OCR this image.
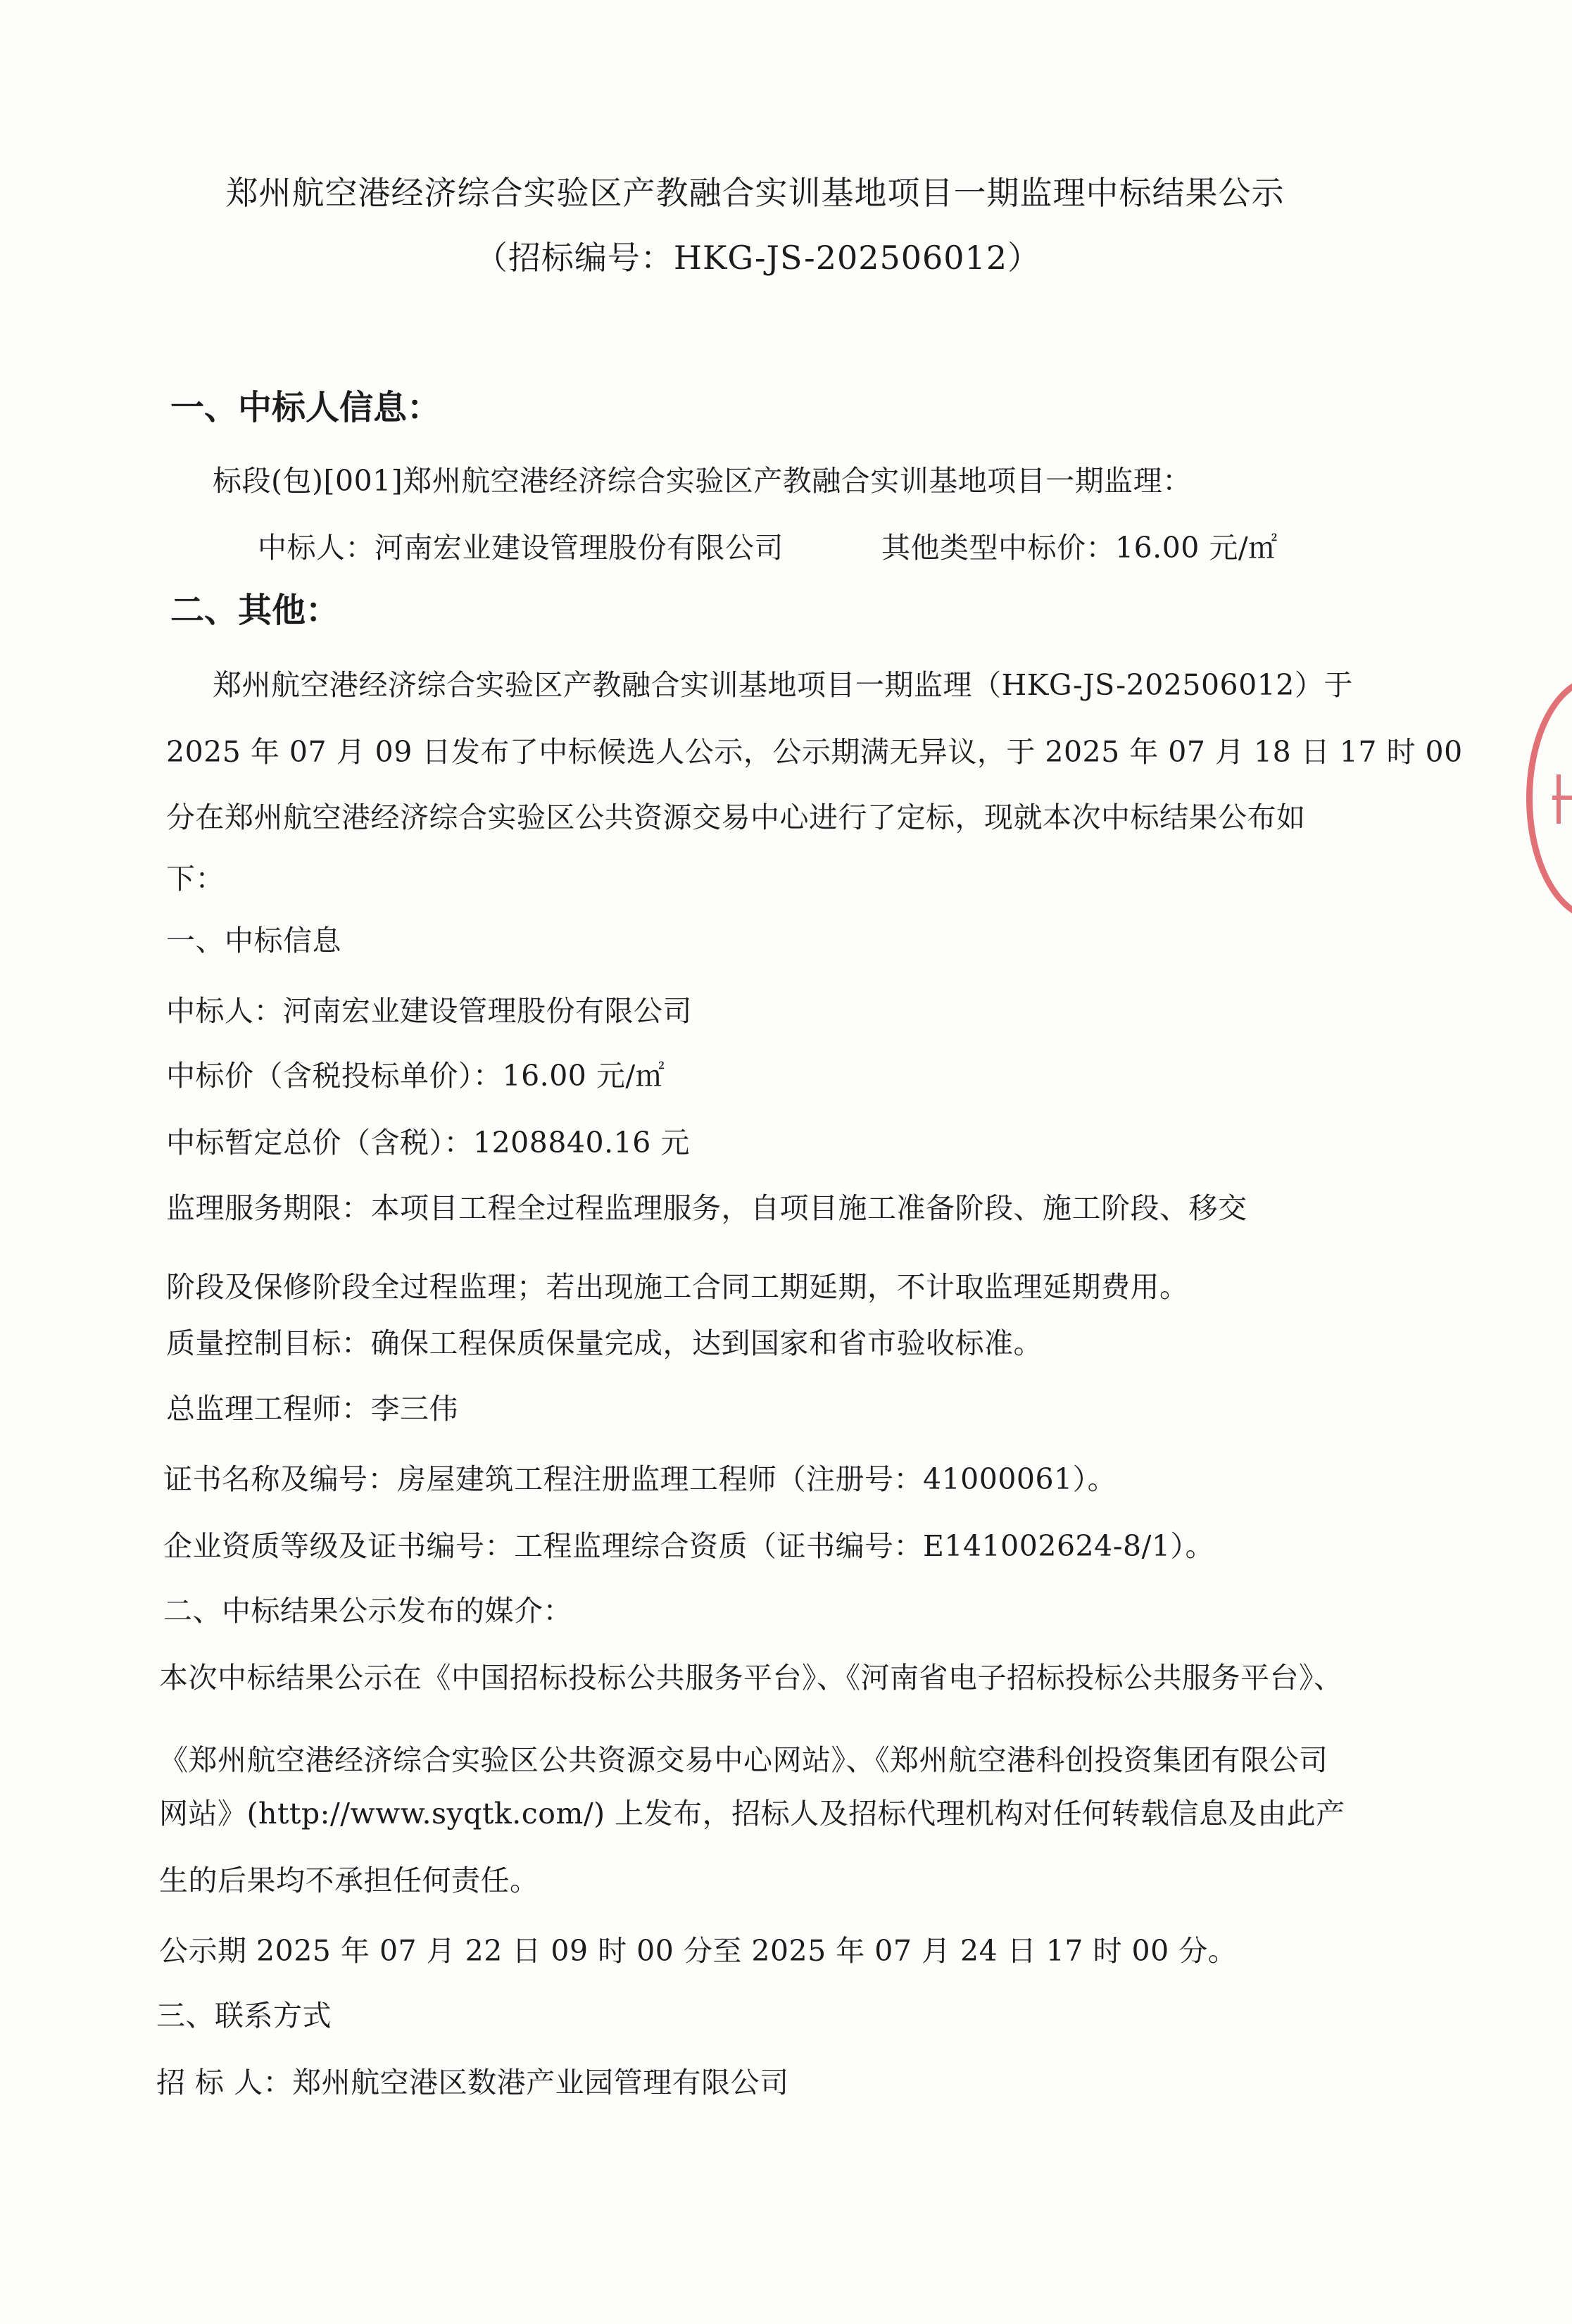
郑州航空港经济综合实验区产教融合实训基地项目一期监理中标结果公示
（招标编号：HKG-JS-202506012）
一、中标人信息：
标段(包)[001]郑州航空港经济综合实验区产教融合实训基地项目一期监理：
中标人：河南宏业建设管理股份有限公司	其他类型中标价：16.00 元/㎡
二、其他：
郑州航空港经济综合实验区产教融合实训基地项目一期监理（HKG-JS-202506012）于
2025 年 07 月 09 日发布了中标候选人公示，公示期满无异议，于 2025 年 07 月 18 日 17 时 00
分在郑州航空港经济综合实验区公共资源交易中心进行了定标，现就本次中标结果公布如
下：
一、中标信息
中标人：河南宏业建设管理股份有限公司
中标价（含税投标单价）：16.00 元/㎡
中标暂定总价（含税）：1208840.16 元
监理服务期限：本项目工程全过程监理服务，自项目施工准备阶段、施工阶段、移交
阶段及保修阶段全过程监理；若出现施工合同工期延期，不计取监理延期费用。
质量控制目标：确保工程保质保量完成，达到国家和省市验收标准。
总监理工程师：李三伟
证书名称及编号：房屋建筑工程注册监理工程师（注册号：41000061）。
企业资质等级及证书编号：工程监理综合资质（证书编号：E141002624-8/1）。
二、中标结果公示发布的媒介：
本次中标结果公示在《中国招标投标公共服务平台》、《河南省电子招标投标公共服务平台》、
《郑州航空港经济综合实验区公共资源交易中心网站》、《郑州航空港科创投资集团有限公司
网站》(http://www.syqtk.com/) 上发布，招标人及招标代理机构对任何转载信息及由此产
生的后果均不承担任何责任。
公示期 2025 年 07 月 22 日 09 时 00 分至 2025 年 07 月 24 日 17 时 00 分。
三、联系方式
招 标 人：郑州航空港区数港产业园管理有限公司
